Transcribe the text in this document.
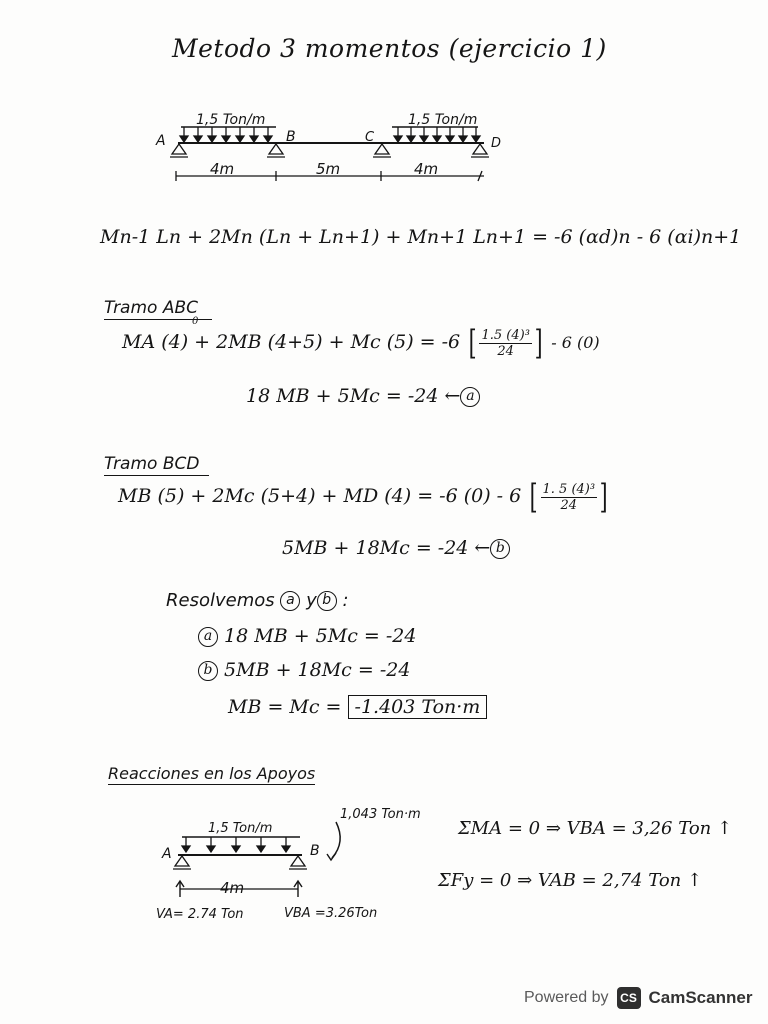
Metodo 3 momentos (ejercicio 1)
1,5 Ton/m	1,5 Ton/m
A	B	C	D
4m	5m	4m
Mn-1 Ln + 2Mn (Ln + Ln+1) + Mn+1 Ln+1 = -6 (αd)n - 6 (αi)n+1
Tramo ABC
0
MA (4) + 2MB (4+5) + Mc (5) = -6 [ $\frac{\text{1.5 (4)³}}{24}$ ] - 6 (0)
18 MB + 5Mc = -24 ← a
Tramo BCD
MB (5) + 2Mc (5+4) + MD (4) = -6 (0) - 6 [ $\frac{\text{1. 5 (4)³}}{24}$ ]
5MB + 18Mc = -24 ← b
Resolvemos a y b :
a 18 MB + 5Mc = -24
b 5MB + 18Mc = -24
MB = Mc = -1.403 Ton·m
Reacciones en los Apoyos
1,043 Ton·m
1,5 Ton/m
A	B
4m
VA= 2.74 Ton	VBA =3.26Ton
ΣMA = 0 ⇒ VBA = 3,26 Ton ↑
ΣFy = 0 ⇒ VAB = 2,74 Ton ↑
Powered by CS CamScanner
